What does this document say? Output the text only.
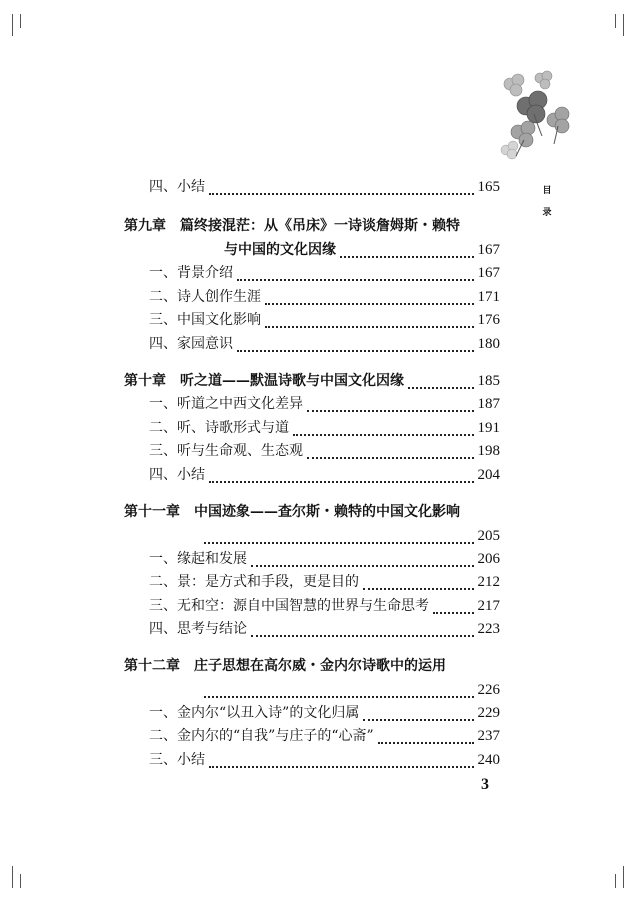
目 录
四、小结	165
第九章　篇终接混茫：从《吊床》一诗谈詹姆斯・赖特
与中国的文化因缘	167
一、背景介绍	167
二、诗人创作生涯	171
三、中国文化影响	176
四、家园意识	180
第十章　听之道——默温诗歌与中国文化因缘	185
一、听道之中西文化差异	187
二、听、诗歌形式与道	191
三、听与生命观、生态观	198
四、小结	204
第十一章　中国迹象——查尔斯・赖特的中国文化影响
205
一、缘起和发展	206
二、景：是方式和手段，更是目的	212
三、无和空：源自中国智慧的世界与生命思考	217
四、思考与结论	223
第十二章　庄子思想在高尔威・金内尔诗歌中的运用
226
一、金内尔“以丑入诗”的文化归属	229
二、金内尔的“自我”与庄子的“心斋”	237
三、小结	240
3
